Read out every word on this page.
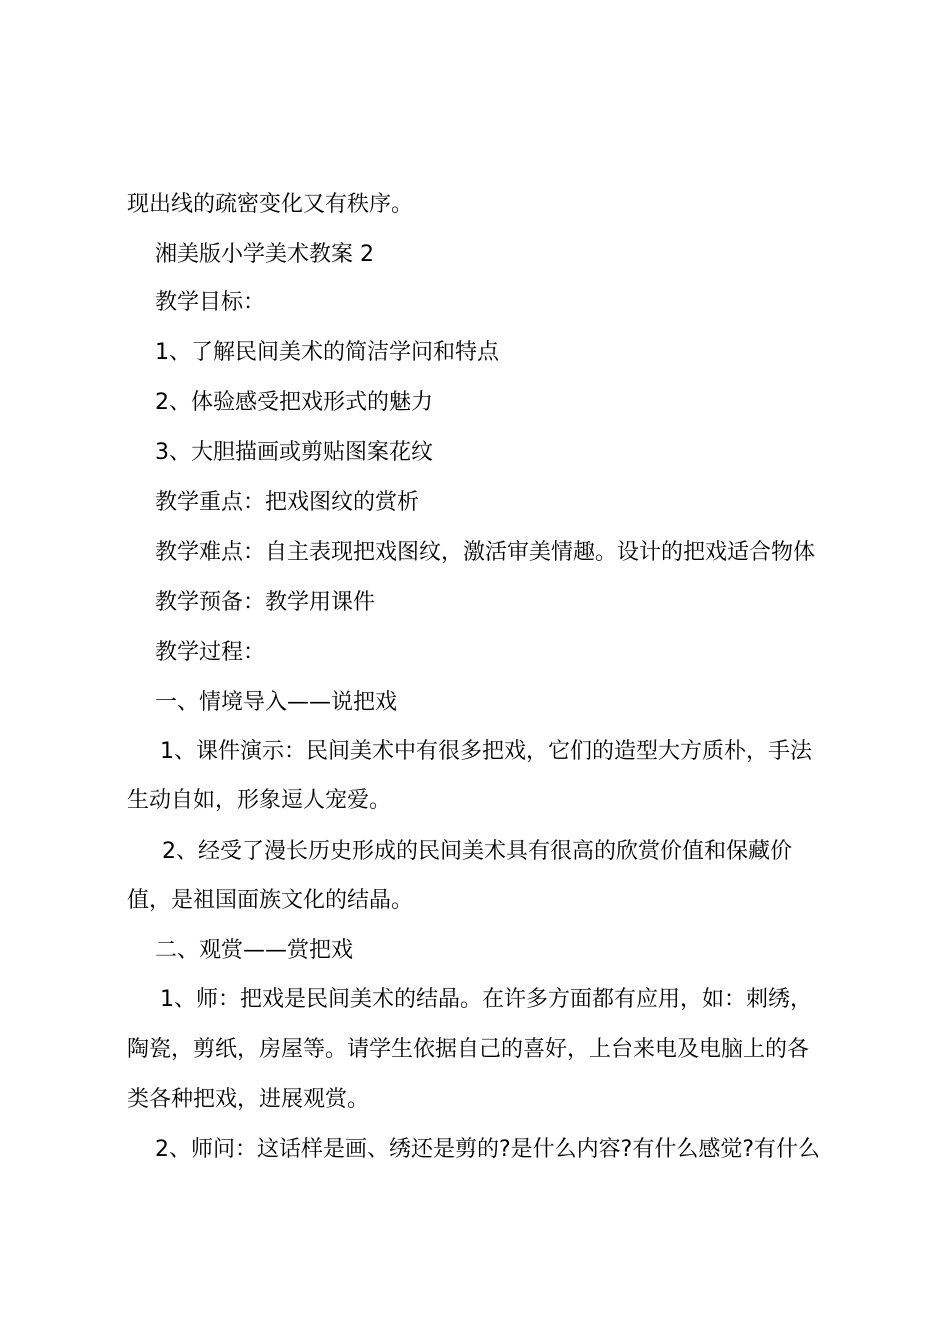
现出线的疏密变化又有秩序。
湘美版小学美术教案 2
教学目标：
1、了解民间美术的简洁学问和特点
2、体验感受把戏形式的魅力
3、大胆描画或剪贴图案花纹
教学重点：把戏图纹的赏析
教学难点：自主表现把戏图纹，激活审美情趣。设计的把戏适合物体
教学预备：教学用课件
教学过程：
一、情境导入——说把戏
1、课件演示：民间美术中有很多把戏，它们的造型大方质朴，手法
生动自如，形象逗人宠爱。
2、经受了漫长历史形成的民间美术具有很高的欣赏价值和保藏价
值，是祖国面族文化的结晶。
二、观赏——赏把戏
1、师：把戏是民间美术的结晶。在许多方面都有应用，如：刺绣，
陶瓷，剪纸，房屋等。请学生依据自己的喜好，上台来电及电脑上的各
类各种把戏，进展观赏。
2、师问：这话样是画、绣还是剪的?是什么内容?有什么感觉?有什么
